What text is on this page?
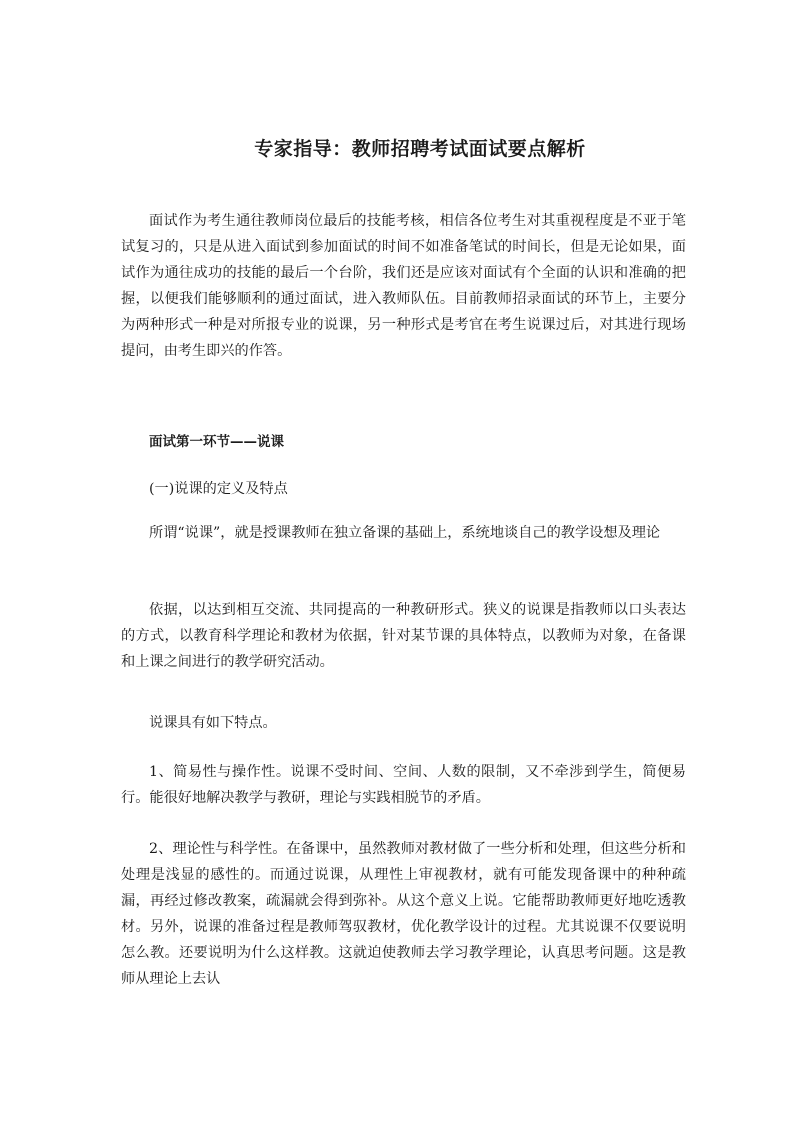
专家指导：教师招聘考试面试要点解析

面试作为考生通往教师岗位最后的技能考核，相信各位考生对其重视程度是不亚于笔试复习的，只是从进入面试到参加面试的时间不如准备笔试的时间长，但是无论如果，面试作为通往成功的技能的最后一个台阶，我们还是应该对面试有个全面的认识和准确的把握，以便我们能够顺利的通过面试，进入教师队伍。目前教师招录面试的环节上，主要分为两种形式一种是对所报专业的说课，另一种形式是考官在考生说课过后，对其进行现场提问，由考生即兴的作答。

面试第一环节——说课

(一)说课的定义及特点

所谓“说课”，就是授课教师在独立备课的基础上，系统地谈自己的教学设想及理论

依据，以达到相互交流、共同提高的一种教研形式。狭义的说课是指教师以口头表达的方式，以教育科学理论和教材为依据，针对某节课的具体特点，以教师为对象，在备课和上课之间进行的教学研究活动。

说课具有如下特点。

1、简易性与操作性。说课不受时间、空间、人数的限制，又不牵涉到学生，简便易行。能很好地解决教学与教研，理论与实践相脱节的矛盾。

2、理论性与科学性。在备课中，虽然教师对教材做了一些分析和处理，但这些分析和处理是浅显的感性的。而通过说课，从理性上审视教材，就有可能发现备课中的种种疏漏，再经过修改教案，疏漏就会得到弥补。从这个意义上说。它能帮助教师更好地吃透教材。另外，说课的准备过程是教师驾驭教材，优化教学设计的过程。尤其说课不仅要说明怎么教。还要说明为什么这样教。这就迫使教师去学习教学理论，认真思考问题。这是教师从理论上去认
